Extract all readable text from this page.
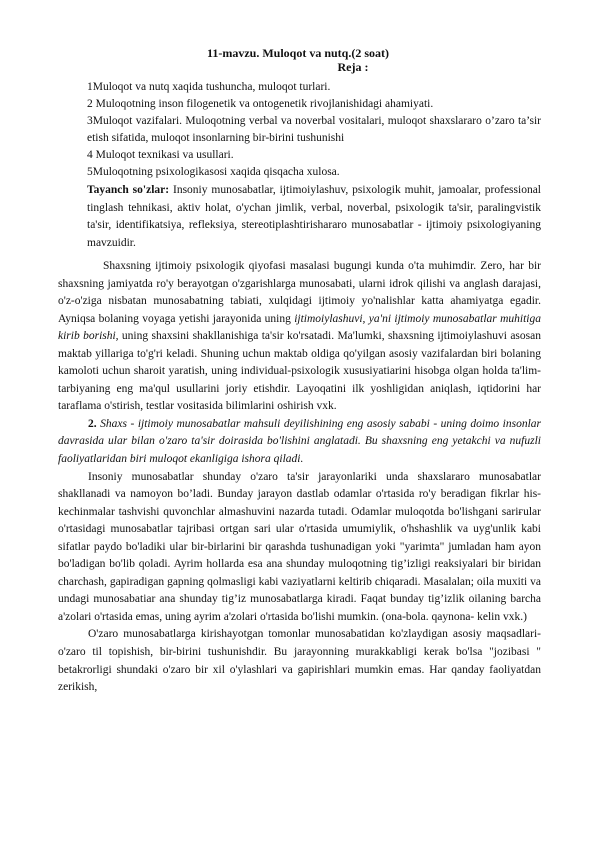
11-mavzu. Muloqot va nutq.(2 soat)
Reja :
1Muloqot va nutq xaqida tushuncha, muloqot turlari.
2 Muloqotning inson filogenetik va ontogenetik rivojlanishidagi ahamiyati.
3Muloqot vazifalari. Muloqotning verbal va noverbal vositalari, muloqot shaxslararo o’zaro ta’sir etish sifatida, muloqot insonlarning bir-birini tushunishi
4 Muloqot texnikasi va usullari.
5Muloqotning psixologikasosi xaqida qisqacha xulosa.
Tayanch so'zlar: Insoniy munosabatlar, ijtimoiylashuv, psixologik muhit, jamoalar, professional tinglash tehnikasi, aktiv holat, o'ychan jimlik, verbal, noverbal, psixologik ta'sir, paralingvistik ta'sir, identifikatsiya, refleksiya, stereotiplashtirishararo munosabatlar - ijtimoiy psixologiyaning mavzuidir.

Shaxsning ijtimoiy psixologik qiyofasi masalasi bugungi kunda o'ta muhimdir. Zero, har bir shaxsning jamiyatda ro'y berayotgan o'zgarishlarga munosabati, ularni idrok qilishi va anglash darajasi, o'z-o'ziga nisbatan munosabatning tabiati, xulqidagi ijtimoiy yo'nalishlar katta ahamiyatga egadir. Ayniqsa bolaning voyaga yetishi jarayonida uning ijtimoiylashuvi, ya'ni ijtimoiy munosabatlar muhitiga kirib borishi, uning shaxsini shakllanishiga ta'sir ko'rsatadi. Ma'lumki, shaxsning ijtimoiylashuvi asosan maktab yillariga to'g'ri keladi. Shuning uchun maktab oldiga qo'yilgan asosiy vazifalardan biri bolaning kamoloti uchun sharoit yaratish, uning individual-psixologik xususiyatiarini hisobga olgan holda ta'lim-tarbiyaning eng ma'qul usullarini joriy etishdir. Layoqatini ilk yoshligidan aniqlash, iqtidorini har taraflama o'stirish, testlar vositasida bilimlarini oshirish vxk.

2. Shaxs - ijtimoiy munosabatlar mahsuli deyilishining eng asosiy sababi - uning doimo insonlar davrasida ular bilan o'zaro ta'sir doirasida bo'lishini anglatadi. Bu shaxsning eng yetakchi va nufuzli faoliyatlaridan biri muloqot ekanligiga ishora qiladi.

Insoniy munosabatlar shunday o'zaro ta'sir jarayonlariki unda shaxslararo munosabatlar shakllanadi va namoyon bo’ladi. Bunday jarayon dastlab odamlar o'rtasida ro'y beradigan fikrlar his-kechinmalar tashvishi quvonchlar almashuvini nazarda tutadi. Odamlar muloqotda bo'lishgani sariғular o'rtasidagi munosabatlar tajribasi ortgan sari ular o'rtasida umumiylik, o'hshashlik va uyg'unlik kabi sifatlar paydo bo'ladiki ular bir-birlarini bir qarashda tushunadigan yoki "yarimta" jumladan ham ayon bo'ladigan bo'lib qoladi. Ayrim hollarda esa ana shunday muloqotning tig’izligi reaksiyalari bir biridan charchash, gapiradigan gapning qolmasligi kabi vaziyatlarni keltirib chiqaradi. Masalalan; oila muxiti va undagi munosabatiar ana shunday tig’iz munosabatlarga kiradi. Faqat bunday tig’izlik oilaning barcha a'zolari o'rtasida emas, uning ayrim a'zolari o'rtasida bo'lishi mumkin. (ona-bola. qaynona- kelin vxk.)

O'zaro munosabatlarga kirishayotgan tomonlar munosabatidan ko'zlaydigan asosiy maqsadlari-o'zaro til topishish, bir-birini tushunishdir. Bu jarayonning murakkabligi kerak bo'lsa "jozibasi " betakrorligi shundaki o'zaro bir xil o'ylashlari va gapirishlari mumkin emas. Har qanday faoliyatdan zerikish,
